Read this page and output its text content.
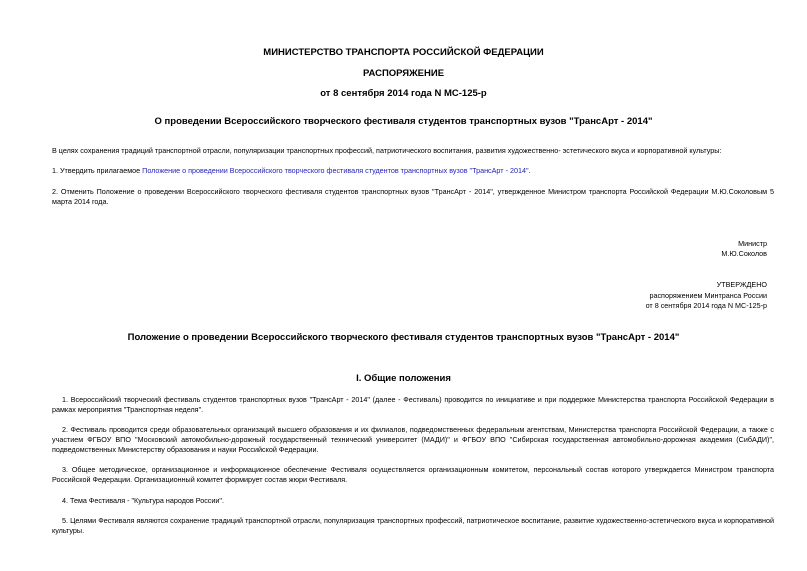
МИНИСТЕРСТВО ТРАНСПОРТА РОССИЙСКОЙ ФЕДЕРАЦИИ
РАСПОРЯЖЕНИЕ
от 8 сентября 2014 года N МС-125-р
О проведении Всероссийского творческого фестиваля студентов транспортных вузов "ТрансАрт - 2014"
В целях сохранения традиций транспортной отрасли, популяризации транспортных профессий, патриотического воспитания, развития художественно- эстетического вкуса и корпоративной культуры:
1. Утвердить прилагаемое Положение о проведении Всероссийского творческого фестиваля студентов транспортных вузов "ТрансАрт - 2014".
2. Отменить Положение о проведении Всероссийского творческого фестиваля студентов транспортных вузов "ТрансАрт - 2014", утвержденное Министром транспорта Российской Федерации М.Ю.Соколовым 5 марта 2014 года.
Министр
М.Ю.Соколов
УТВЕРЖДЕНО
распоряжением Минтранса России
от 8 сентября 2014 года N МС-125-р
Положение о проведении Всероссийского творческого фестиваля студентов транспортных вузов "ТрансАрт - 2014"
I. Общие положения
1. Всероссийский творческий фестиваль студентов транспортных вузов "ТрансАрт - 2014" (далее - Фестиваль) проводится по инициативе и при поддержке Министерства транспорта Российской Федерации в рамках мероприятия "Транспортная неделя".
2. Фестиваль проводится среди образовательных организаций высшего образования и их филиалов, подведомственных федеральным агентствам, Министерства транспорта Российской Федерации, а также с участием ФГБОУ ВПО "Московский автомобильно-дорожный государственный технический университет (МАДИ)" и ФГБОУ ВПО "Сибирская государственная автомобильно-дорожная академия (СибАДИ)", подведомственных Министерству образования и науки Российской Федерации.
3. Общее методическое, организационное и информационное обеспечение Фестиваля осуществляется организационным комитетом, персональный состав которого утверждается Министром транспорта Российской Федерации. Организационный комитет формирует состав жюри Фестиваля.
4. Тема Фестиваля - "Культура народов России".
5. Целями Фестиваля являются сохранение традиций транспортной отрасли, популяризация транспортных профессий, патриотическое воспитание, развитие художественно-эстетического вкуса и корпоративной культуры.
